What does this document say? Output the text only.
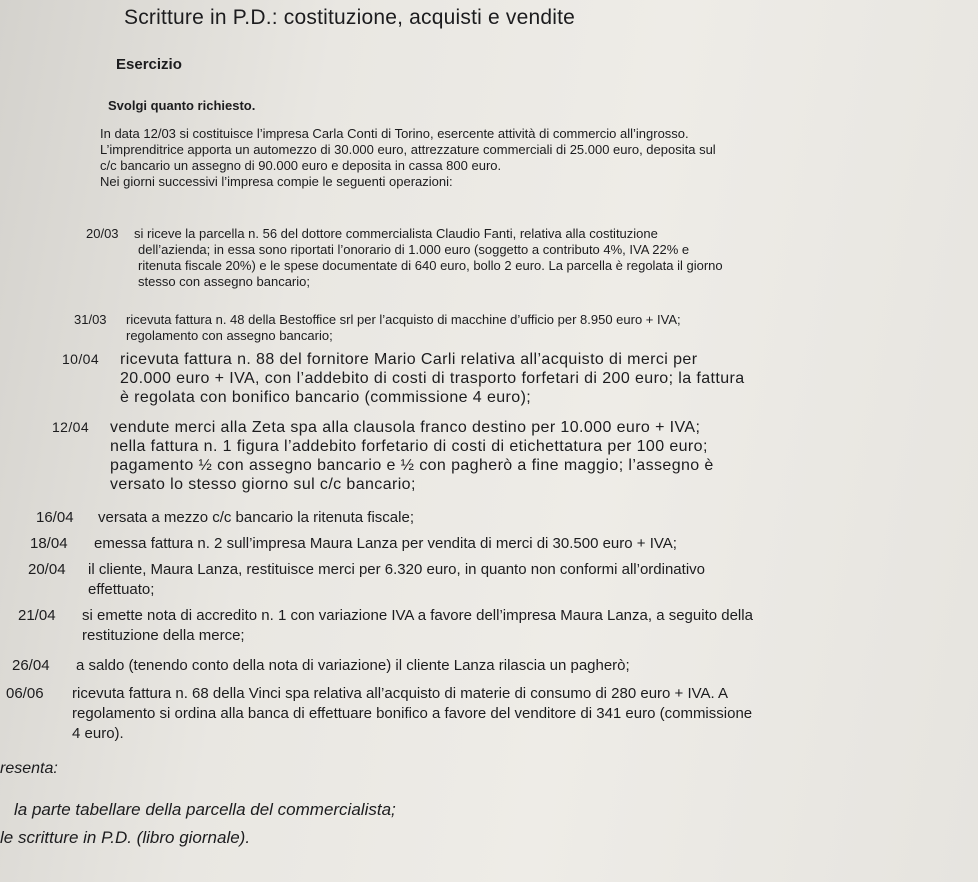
Scritture in P.D.: costituzione, acquisti e vendite
Esercizio
Svolgi quanto richiesto.

In data 12/03 si costituisce l’impresa Carla Conti di Torino, esercente attività di commercio all’ingrosso.

L’imprenditrice apporta un automezzo di 30.000 euro, attrezzature commerciali di 25.000 euro, deposita sul

c/c bancario un assegno di 90.000 euro e deposita in cassa 800 euro.

Nei giorni successivi l’impresa compie le seguenti operazioni:

20/03	si riceve la parcella n. 56 del dottore commercialista Claudio Fanti, relativa alla costituzione
dell’azienda; in essa sono riportati l’onorario di 1.000 euro (soggetto a contributo 4%, IVA 22% e
ritenuta fiscale 20%) e le spese documentate di 640 euro, bollo 2 euro. La parcella è regolata il giorno
stesso con assegno bancario;
31/03	ricevuta fattura n. 48 della Bestoffice srl per l’acquisto di macchine d’ufficio per 8.950 euro + IVA;
regolamento con assegno bancario;
10/04	ricevuta fattura n. 88 del fornitore Mario Carli relativa all’acquisto di merci per
20.000 euro + IVA, con l’addebito di costi di trasporto forfetari di 200 euro; la fattura
è regolata con bonifico bancario (commissione 4 euro);
12/04	vendute merci alla Zeta spa alla clausola franco destino per 10.000 euro + IVA;
nella fattura n. 1 figura l’addebito forfetario di costi di etichettatura per 100 euro;
pagamento ½ con assegno bancario e ½ con pagherò a fine maggio; l’assegno è
versato lo stesso giorno sul c/c bancario;
16/04	versata a mezzo c/c bancario la ritenuta fiscale;
18/04	emessa fattura n. 2 sull’impresa Maura Lanza per vendita di merci di 30.500 euro + IVA;
20/04	il cliente, Maura Lanza, restituisce merci per 6.320 euro, in quanto non conformi all’ordinativo
effettuato;
21/04	si emette nota di accredito n. 1 con variazione IVA a favore dell’impresa Maura Lanza, a seguito della
restituzione della merce;
26/04	a saldo (tenendo conto della nota di variazione) il cliente Lanza rilascia un pagherò;
06/06	ricevuta fattura n. 68 della Vinci spa relativa all’acquisto di materie di consumo di 280 euro + IVA. A
regolamento si ordina alla banca di effettuare bonifico a favore del venditore di 341 euro (commissione
4 euro).
resenta:
la parte tabellare della parcella del commercialista;
le scritture in P.D. (libro giornale).
